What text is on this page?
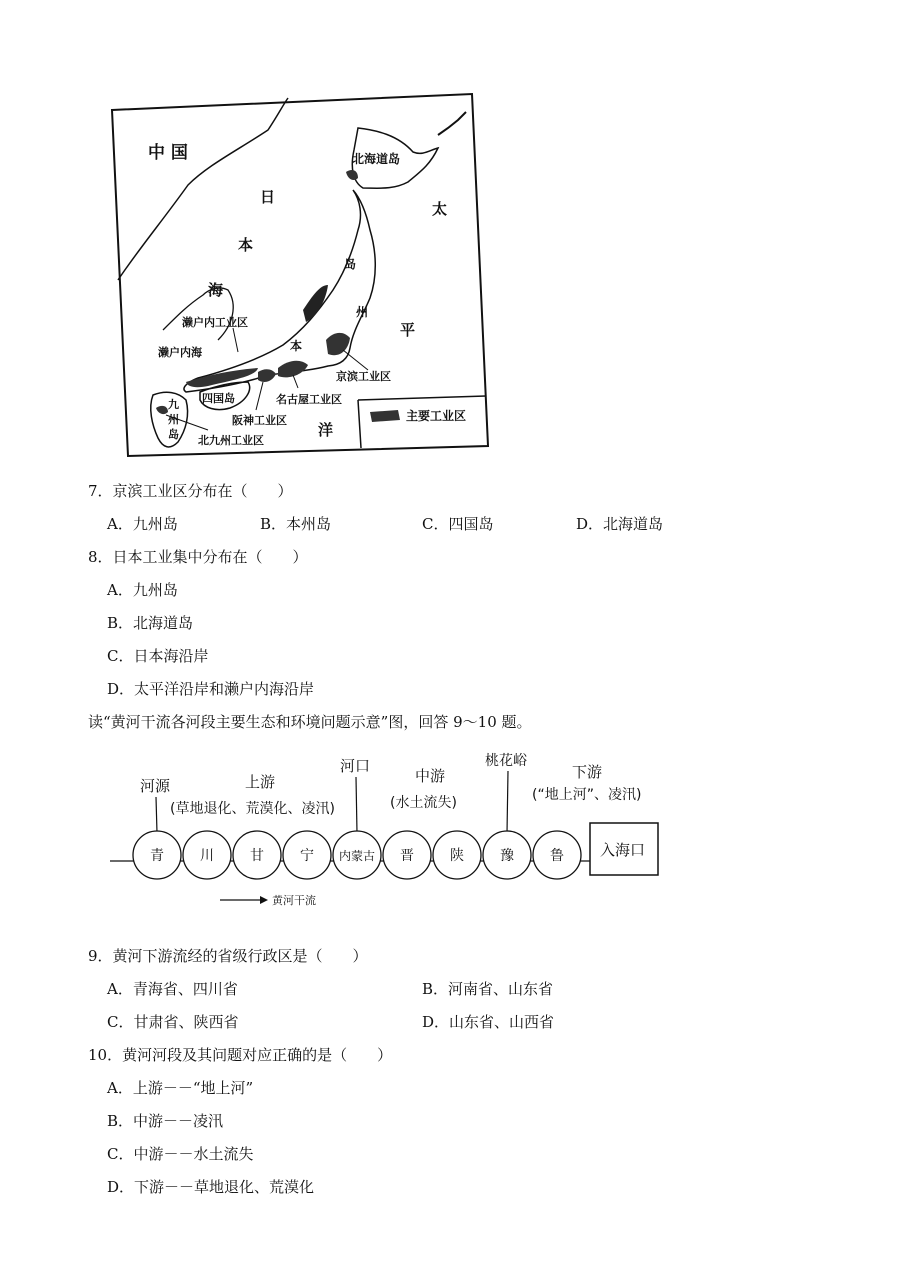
中 国
日
本
海
太
平
洋
岛
州
本
北海道岛
濑户内工业区
濑户内海
四国岛
九
州
岛
京滨工业区
名古屋工业区
阪神工业区
北九州工业区
主要工业区
7．京滨工业区分布在（　　）
A．九州岛	B．本州岛	C．四国岛	D．北海道岛
8．日本工业集中分布在（　　）
A．九州岛
B．北海道岛
C．日本海沿岸
D．太平洋沿岸和濑户内海沿岸
读“黄河干流各河段主要生态和环境问题示意”图，回答 9～10 题。
河源	上游
(草地退化、荒漠化、凌汛)
河口
中游
(水土流失)
桃花峪
下游
(“地上河”、凌汛)
青	川	甘	宁 内蒙古 晋	陕	豫	鲁 入海口
黄河干流
9．黄河下游流经的省级行政区是（　　）
A．青海省、四川省	B．河南省、山东省
C．甘肃省、陕西省	D．山东省、山西省
10．黄河河段及其问题对应正确的是（　　）
A．上游－－“地上河”
B．中游－－凌汛
C．中游－－水土流失
D．下游－－草地退化、荒漠化
